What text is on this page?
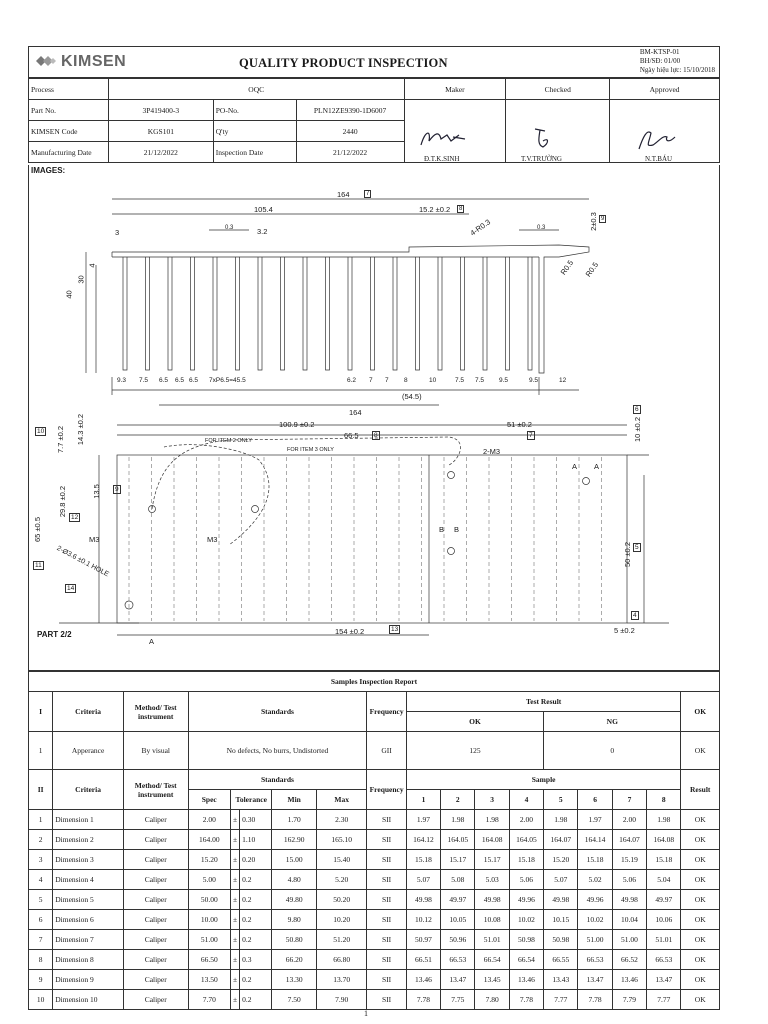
KIMSEN	QUALITY PRODUCT INSPECTION
BM-KTSP-01
BH/SĐ: 01/00
Ngày hiệu lực: 15/10/2018
Process	OQC			Maker	Checked	Approved
Part No.	3P419400-3	PO-No.	PLN12ZE9390-1D6007			
KIMSEN Code	KGS101	Q'ty	2440			
Manufacturing Date	21/12/2022	Inspection Date	21/12/2022			
Đ.T.K.SINH	T.V.TRƯỜNG	N.T.BÁU
IMAGES:
164	7
105.4	15.2 ±0.2	8
4-R0.3	2±0.3 9
3.2
0.3	0.3
40
30
4
3
R0.5 R0.5
9.3 7.5 6.5 6.5 6.5 7xP6.5=45.5	6.2 7 7 8	10	7.5 7.5 9.5	9.5	12
(54.5)
164	6
100.9 ±0.2	51 ±0.2
7
66.5	8
10 7.7 ±0.2 14.3 ±0.2	FOR ITEM 2 ONLY
FOR ITEM 3 ONLY	2-M3
10 ±0.2
A A
13.5	9
29.8 ±0.2
12
M3	M3
B B
65 ±0.5
50 ±0.2 5
11 2-Ø3.6 ±0.1 HOLE
14
4
5 ±0.2
154 ±0.2	13
A
PART 2/2
Samples Inspection Report																	
I	Criteria	Method/ Test instrument	Standards					Frequency	Test Result								OK
									OK				NG				
1	Apperance	By visual	No defects, No burrs, Undistorted					GII	125				0				OK
II	Criteria	Method/ Test instrument	Standards					Frequency	Sample								Result
			Spec	Tolerance		Min	Max		1	2	3	4	5	6	7	8	
1	Dimension 1	Caliper	2.00	±	0.30	1.70	2.30	SII	1.97	1.98	1.98	2.00	1.98	1.97	2.00	1.98	OK
2	Dimension 2	Caliper	164.00	±	1.10	162.90	165.10	SII	164.12	164.05	164.08	164.05	164.07	164.14	164.07	164.08	OK
3	Dimension 3	Caliper	15.20	±	0.20	15.00	15.40	SII	15.18	15.17	15.17	15.18	15.20	15.18	15.19	15.18	OK
4	Dimension 4	Caliper	5.00	±	0.2	4.80	5.20	SII	5.07	5.08	5.03	5.06	5.07	5.02	5.06	5.04	OK
5	Dimension 5	Caliper	50.00	±	0.2	49.80	50.20	SII	49.98	49.97	49.98	49.96	49.98	49.96	49.98	49.97	OK
6	Dimension 6	Caliper	10.00	±	0.2	9.80	10.20	SII	10.12	10.05	10.08	10.02	10.15	10.02	10.04	10.06	OK
7	Dimension 7	Caliper	51.00	±	0.2	50.80	51.20	SII	50.97	50.96	51.01	50.98	50.98	51.00	51.00	51.01	OK
8	Dimension 8	Caliper	66.50	±	0.3	66.20	66.80	SII	66.51	66.53	66.54	66.54	66.55	66.53	66.52	66.53	OK
9	Dimension 9	Caliper	13.50	±	0.2	13.30	13.70	SII	13.46	13.47	13.45	13.46	13.43	13.47	13.46	13.47	OK
10	Dimension 10	Caliper	7.70	±	0.2	7.50	7.90	SII	7.78	7.75	7.80	7.78	7.77	7.78	7.79	7.77	OK
1
